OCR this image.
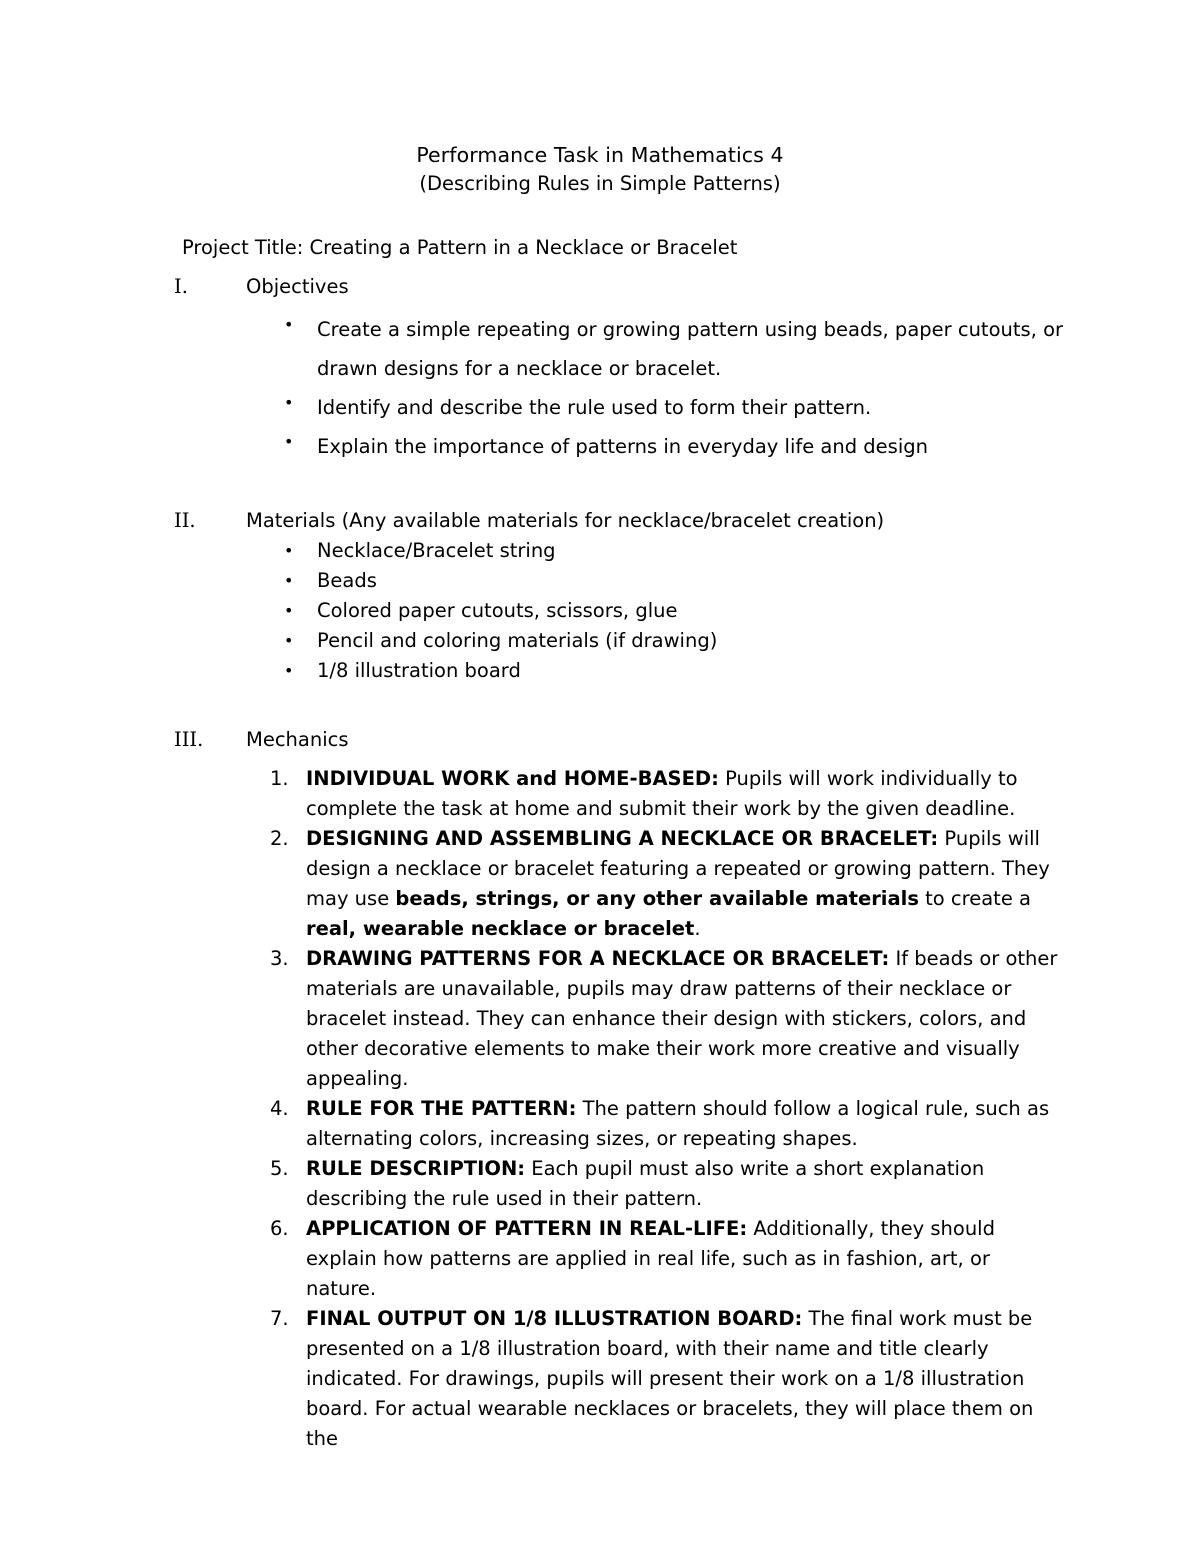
Performance Task in Mathematics 4
(Describing Rules in Simple Patterns)
Project Title: Creating a Pattern in a Necklace or Bracelet
I.	Objectives
• Create a simple repeating or growing pattern using beads, paper cutouts, or
drawn designs for a necklace or bracelet.
• Identify and describe the rule used to form their pattern.
• Explain the importance of patterns in everyday life and design
II.	Materials (Any available materials for necklace/bracelet creation)
• Necklace/Bracelet string
• Beads
• Colored paper cutouts, scissors, glue
• Pencil and coloring materials (if drawing)
• 1/8 illustration board
III. Mechanics
1. INDIVIDUAL WORK and HOME-BASED: Pupils will work individually to complete the task at home and submit their work by the given deadline.
2. DESIGNING AND ASSEMBLING A NECKLACE OR BRACELET: Pupils will design a necklace or bracelet featuring a repeated or growing pattern. They may use beads, strings, or any other available materials to create a real, wearable necklace or bracelet.
3. DRAWING PATTERNS FOR A NECKLACE OR BRACELET: If beads or other materials are unavailable, pupils may draw patterns of their necklace or bracelet instead. They can enhance their design with stickers, colors, and other decorative elements to make their work more creative and visually appealing.
4. RULE FOR THE PATTERN: The pattern should follow a logical rule, such as alternating colors, increasing sizes, or repeating shapes.
5. RULE DESCRIPTION: Each pupil must also write a short explanation describing the rule used in their pattern.
6. APPLICATION OF PATTERN IN REAL-LIFE: Additionally, they should explain how patterns are applied in real life, such as in fashion, art, or nature.
7. FINAL OUTPUT ON 1/8 ILLUSTRATION BOARD: The final work must be presented on a 1/8 illustration board, with their name and title clearly indicated. For drawings, pupils will present their work on a 1/8 illustration board. For actual wearable necklaces or bracelets, they will place them on the
